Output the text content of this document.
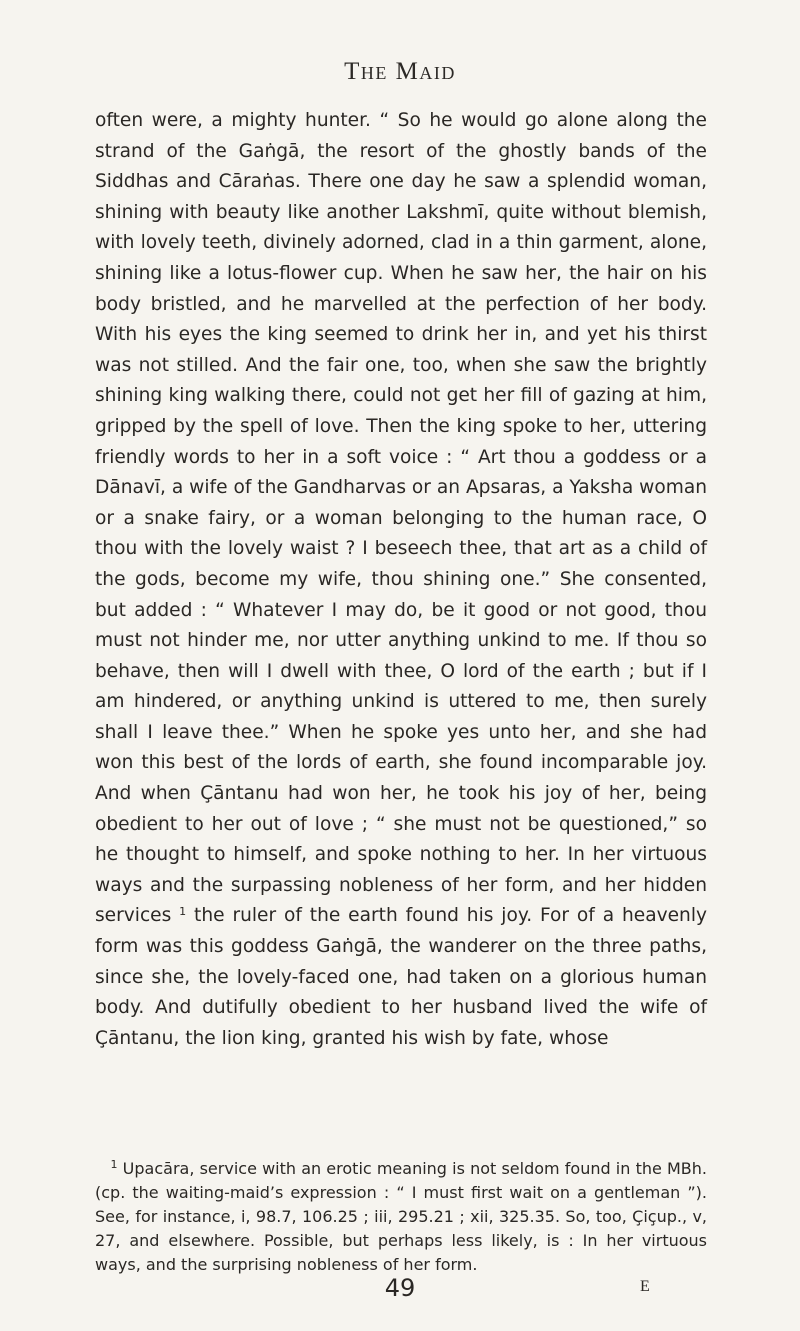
The Maid

often were, a mighty hunter. “ So he would go alone along the strand of the Gaṅgā, the resort of the ghostly bands of the Siddhas and Cāraṅas. There one day he saw a splendid woman, shining with beauty like another Lakshmī, quite without blemish, with lovely teeth, divinely adorned, clad in a thin garment, alone, shining like a lotus-flower cup. When he saw her, the hair on his body bristled, and he marvelled at the perfection of her body. With his eyes the king seemed to drink her in, and yet his thirst was not stilled. And the fair one, too, when she saw the brightly shining king walking there, could not get her fill of gazing at him, gripped by the spell of love. Then the king spoke to her, uttering friendly words to her in a soft voice : “ Art thou a goddess or a Dānavī, a wife of the Gandharvas or an Apsaras, a Yaksha woman or a snake fairy, or a woman belonging to the human race, O thou with the lovely waist ? I beseech thee, that art as a child of the gods, become my wife, thou shining one.” She consented, but added : “ Whatever I may do, be it good or not good, thou must not hinder me, nor utter anything unkind to me. If thou so behave, then will I dwell with thee, O lord of the earth ; but if I am hindered, or anything unkind is uttered to me, then surely shall I leave thee.” When he spoke yes unto her, and she had won this best of the lords of earth, she found incomparable joy. And when Çāntanu had won her, he took his joy of her, being obedient to her out of love ; “ she must not be questioned,” so he thought to himself, and spoke nothing to her. In her virtuous ways and the surpassing nobleness of her form, and her hidden services $^1$ the ruler of the earth found his joy. For of a heavenly form was this goddess Gaṅgā, the wanderer on the three paths, since she, the lovely-faced one, had taken on a glorious human body. And dutifully obedient to her husband lived the wife of Çāntanu, the lion king, granted his wish by fate, whose

$^1$ Upacāra, service with an erotic meaning is not seldom found in the MBh. (cp. the waiting-maid’s expression : “ I must first wait on a gentleman ”). See, for instance, i, 98.7, 106.25 ; iii, 295.21 ; xii, 325.35. So, too, Çiçup., v, 27, and elsewhere. Possible, but perhaps less likely, is : In her virtuous ways, and the surprising nobleness of her form.

49	E
